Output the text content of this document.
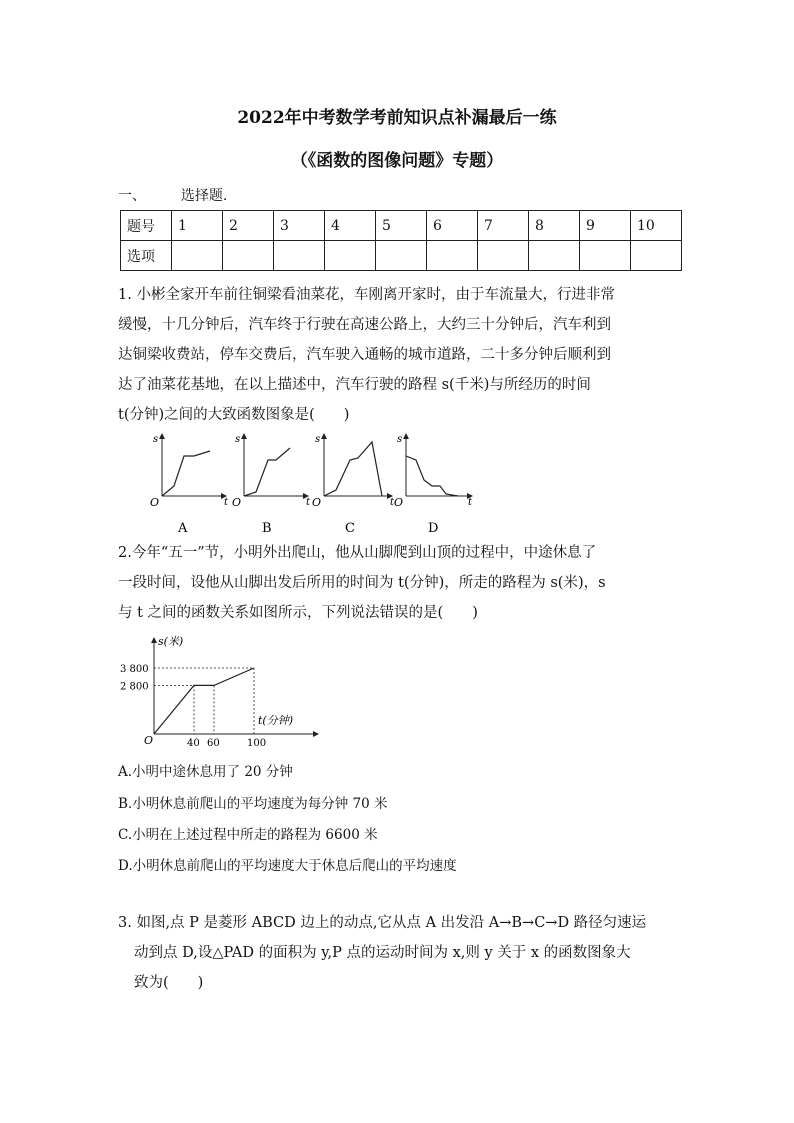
2022年中考数学考前知识点补漏最后一练
（《函数的图像问题》专题）
一、 选择题.
题号	1	2	3	4	5	6	7	8	9	10
选项										
1. 小彬全家开车前往铜梁看油菜花，车刚离开家时，由于车流量大，行进非常
缓慢，十几分钟后，汽车终于行驶在高速公路上，大约三十分钟后，汽车利到
达铜梁收费站，停车交费后，汽车驶入通畅的城市道路，二十多分钟后顺利到
达了油菜花基地，在以上描述中，汽车行驶的路程 s(千米)与所经历的时间
t(分钟)之间的大致函数图象是(　　)
s
t
O
A
s
t
O
B
s
t
O
C
s
t
O
D
2.今年“五一”节，小明外出爬山，他从山脚爬到山顶的过程中，中途休息了
一段时间，设他从山脚出发后所用的时间为 t(分钟)，所走的路程为 s(米)，s
与 t 之间的函数关系如图所示，下列说法错误的是(　　)
s(米)
t(分钟)
O	40 60	100
3 800
2 800
A.小明中途休息用了 20 分钟
B.小明休息前爬山的平均速度为每分钟 70 米
C.小明在上述过程中所走的路程为 6600 米
D.小明休息前爬山的平均速度大于休息后爬山的平均速度
3. 如图,点 P 是菱形 ABCD 边上的动点,它从点 A 出发沿 A→B→C→D 路径匀速运
动到点 D,设△PAD 的面积为 y,P 点的运动时间为 x,则 y 关于 x 的函数图象大
致为(　　)
